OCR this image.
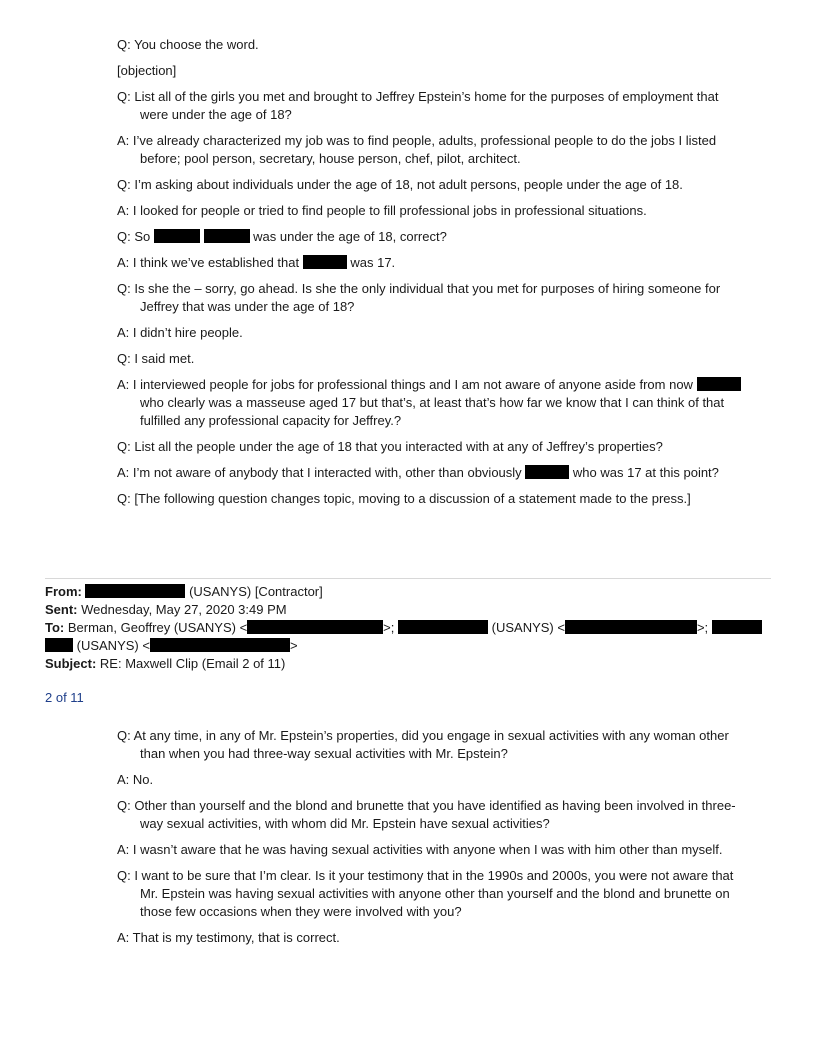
Q: You choose the word.
[objection]
Q: List all of the girls you met and brought to Jeffrey Epstein’s home for the purposes of employment that
were under the age of 18?
A: I’ve already characterized my job was to find people, adults, professional people to do the jobs I listed
before; pool person, secretary, house person, chef, pilot, architect.
Q: I’m asking about individuals under the age of 18, not adult persons, people under the age of 18.
A: I looked for people or tried to find people to fill professional jobs in professional situations.
Q: So	was under the age of 18, correct?
A: I think we’ve established that	was 17.
Q: Is she the – sorry, go ahead. Is she the only individual that you met for purposes of hiring someone for
Jeffrey that was under the age of 18?
A: I didn’t hire people.
Q: I said met.
A: I interviewed people for jobs for professional things and I am not aware of anyone aside from now
who clearly was a masseuse aged 17 but that’s, at least that’s how far we know that I can think of that
fulfilled any professional capacity for Jeffrey.?
Q: List all the people under the age of 18 that you interacted with at any of Jeffrey’s properties?
A: I’m not aware of anybody that I interacted with, other than obviously	who was 17 at this point?
Q: [The following question changes topic, moving to a discussion of a statement made to the press.]
From:	(USANYS) [Contractor]
Sent: Wednesday, May 27, 2020 3:49 PM
To: Berman, Geoffrey (USANYS) <	>;	(USANYS) <	>;
(USANYS) <	>
Subject: RE: Maxwell Clip (Email 2 of 11)
2 of 11
Q: At any time, in any of Mr. Epstein’s properties, did you engage in sexual activities with any woman other
than when you had three-way sexual activities with Mr. Epstein?
A: No.
Q: Other than yourself and the blond and brunette that you have identified as having been involved in three-
way sexual activities, with whom did Mr. Epstein have sexual activities?
A: I wasn’t aware that he was having sexual activities with anyone when I was with him other than myself.
Q: I want to be sure that I’m clear. Is it your testimony that in the 1990s and 2000s, you were not aware that
Mr. Epstein was having sexual activities with anyone other than yourself and the blond and brunette on
those few occasions when they were involved with you?
A: That is my testimony, that is correct.
